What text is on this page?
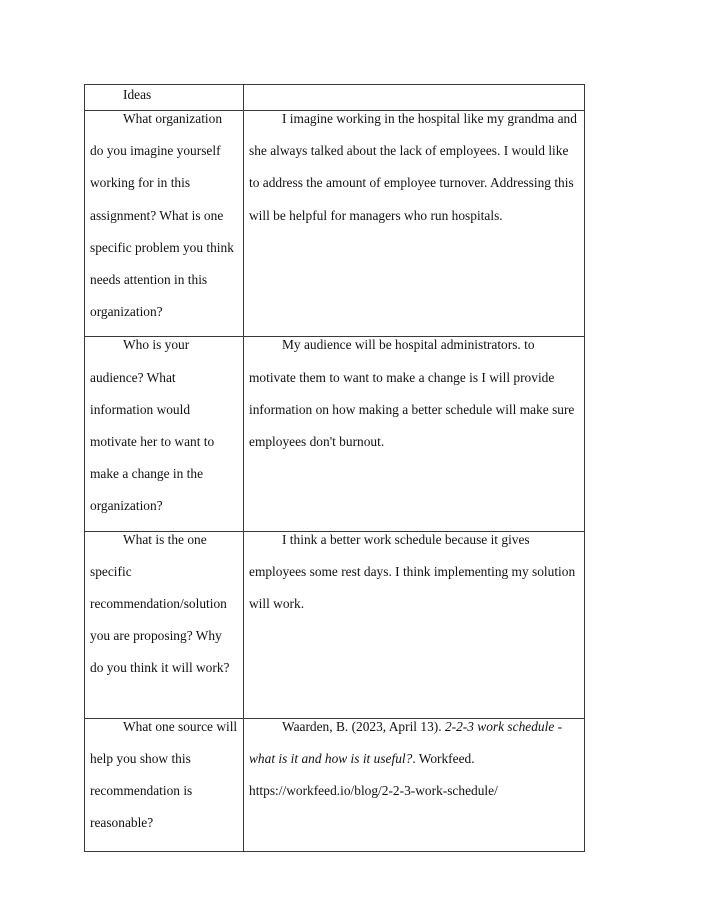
Ideas	

What organization do you imagine yourself working for in this assignment? What is one specific problem you think needs attention in this organization?	I imagine working in the hospital like my grandma and she always talked about the lack of employees. I would like to address the amount of employee turnover. Addressing this will be helpful for managers who run hospitals.

Who is your audience? What information would motivate her to want to make a change in the organization?	My audience will be hospital administrators. to motivate them to want to make a change is I will provide information on how making a better schedule will make sure employees don't burnout.

What is the one specific recommendation/solution you are proposing? Why do you think it will work?	I think a better work schedule because it gives employees some rest days. I think implementing my solution will work.

What one source will help you show this recommendation is reasonable?	Waarden, B. (2023, April 13). 2-2-3 work schedule - what is it and how is it useful?. Workfeed. https://workfeed.io/blog/2-2-3-work-schedule/
